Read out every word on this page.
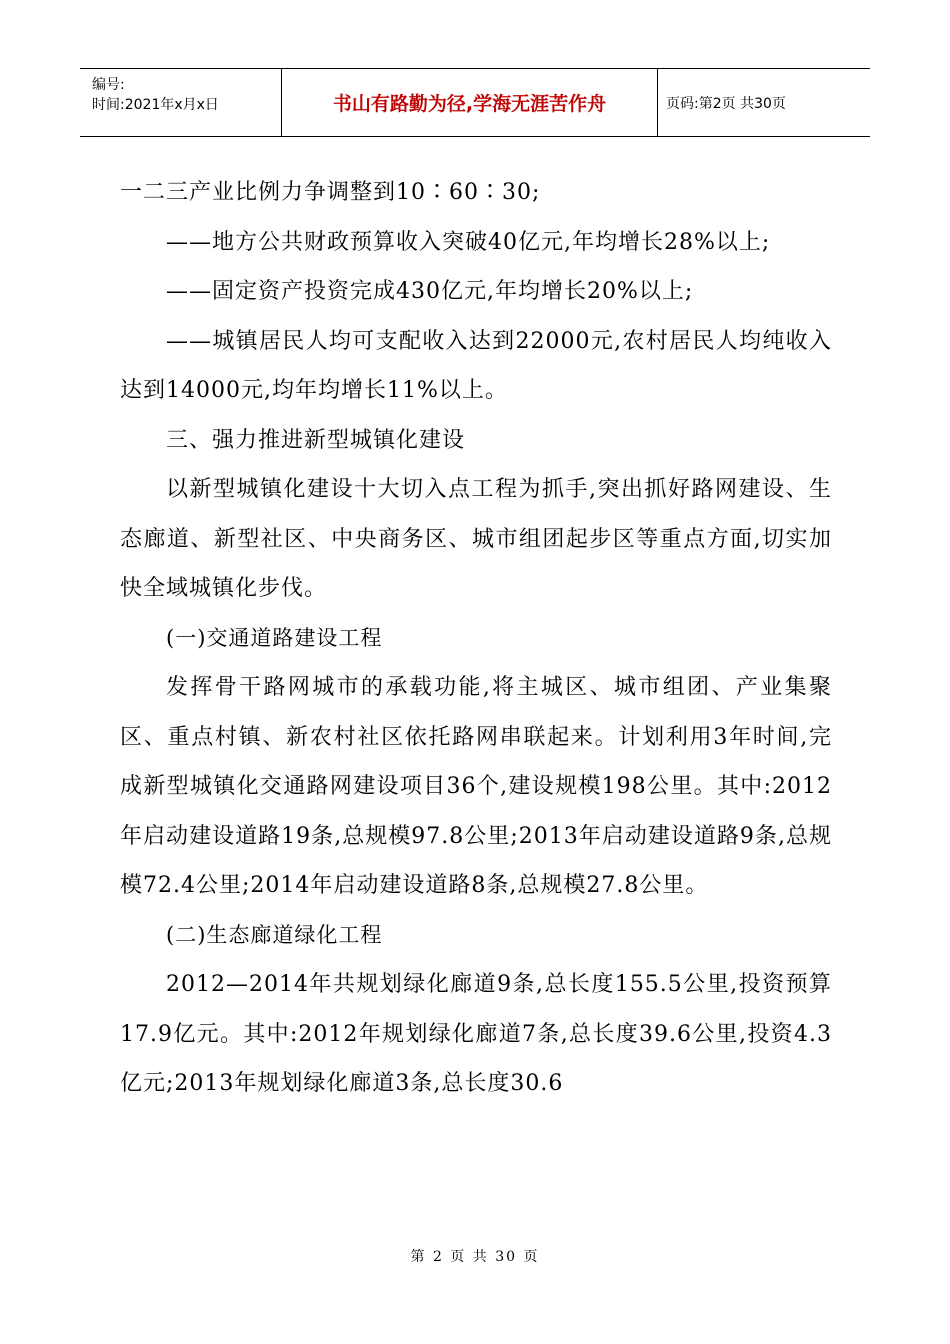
编号:
时间:2021年x月x日	书山有路勤为径,学海无涯苦作舟	页码:第2页 共30页

一二三产业比例力争调整到10∶60∶30;

——地方公共财政预算收入突破40亿元,年均增长28%以上;

——固定资产投资完成430亿元,年均增长20%以上;

——城镇居民人均可支配收入达到22000元,农村居民人均纯收入达到14000元,均年均增长11%以上。

三、强力推进新型城镇化建设

以新型城镇化建设十大切入点工程为抓手,突出抓好路网建设、生态廊道、新型社区、中央商务区、城市组团起步区等重点方面,切实加快全域城镇化步伐。

(一)交通道路建设工程

发挥骨干路网城市的承载功能,将主城区、城市组团、产业集聚区、重点村镇、新农村社区依托路网串联起来。计划利用3年时间,完成新型城镇化交通路网建设项目36个,建设规模198公里。其中:2012年启动建设道路19条,总规模97.8公里;2013年启动建设道路9条,总规模72.4公里;2014年启动建设道路8条,总规模27.8公里。

(二)生态廊道绿化工程

2012—2014年共规划绿化廊道9条,总长度155.5公里,投资预算17.9亿元。其中:2012年规划绿化廊道7条,总长度39.6公里,投资4.3亿元;2013年规划绿化廊道3条,总长度30.6

第 2 页 共 30 页
